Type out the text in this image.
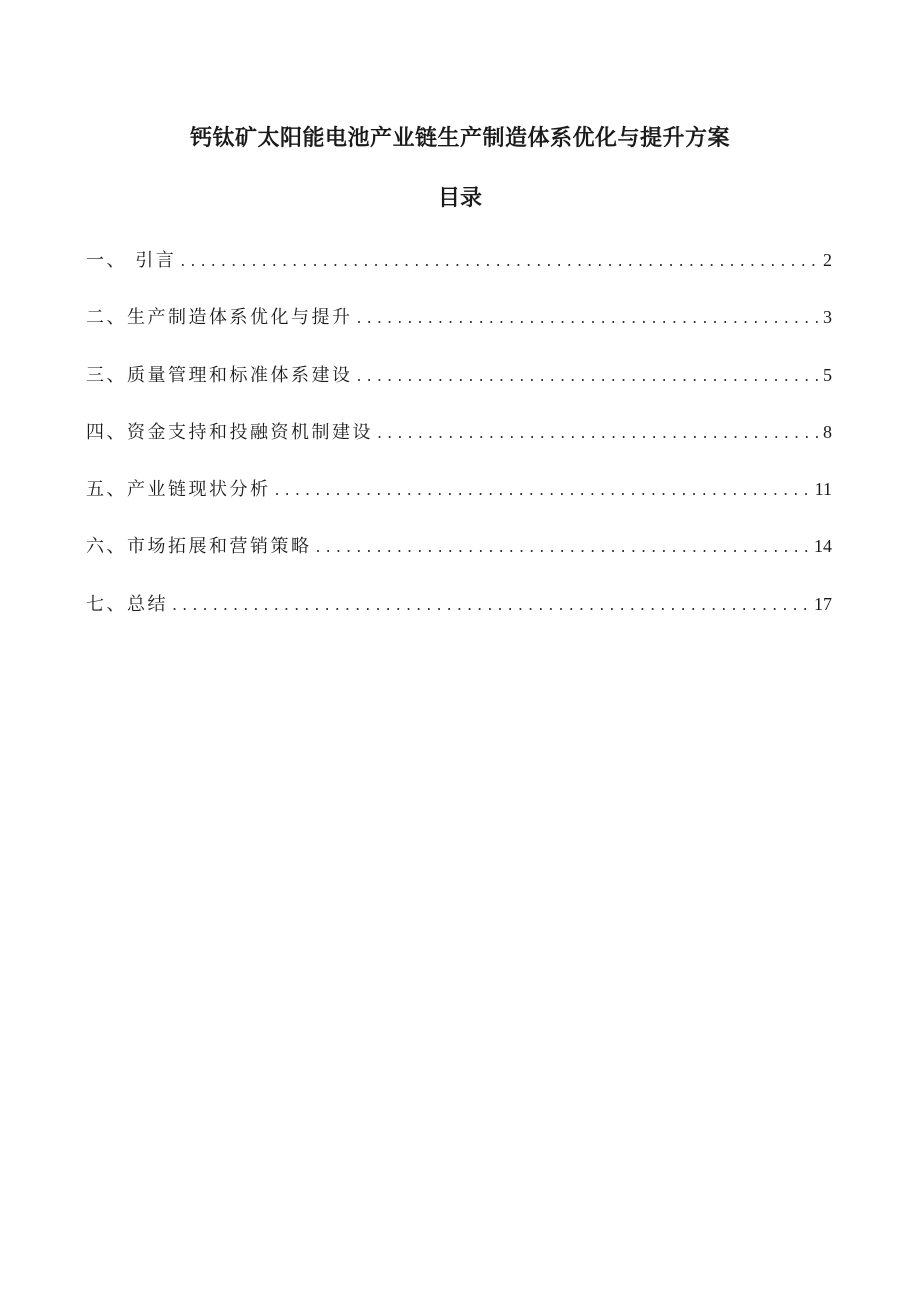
钙钛矿太阳能电池产业链生产制造体系优化与提升方案
目录
一、 引言 . . .	2
二、生产制造体系优化与提升 . . .	3
三、质量管理和标准体系建设 . . .	5
四、资金支持和投融资机制建设 . . .	8
五、产业链现状分析 . . .	11
六、市场拓展和营销策略 . . .	14
七、总结 . . .	17
